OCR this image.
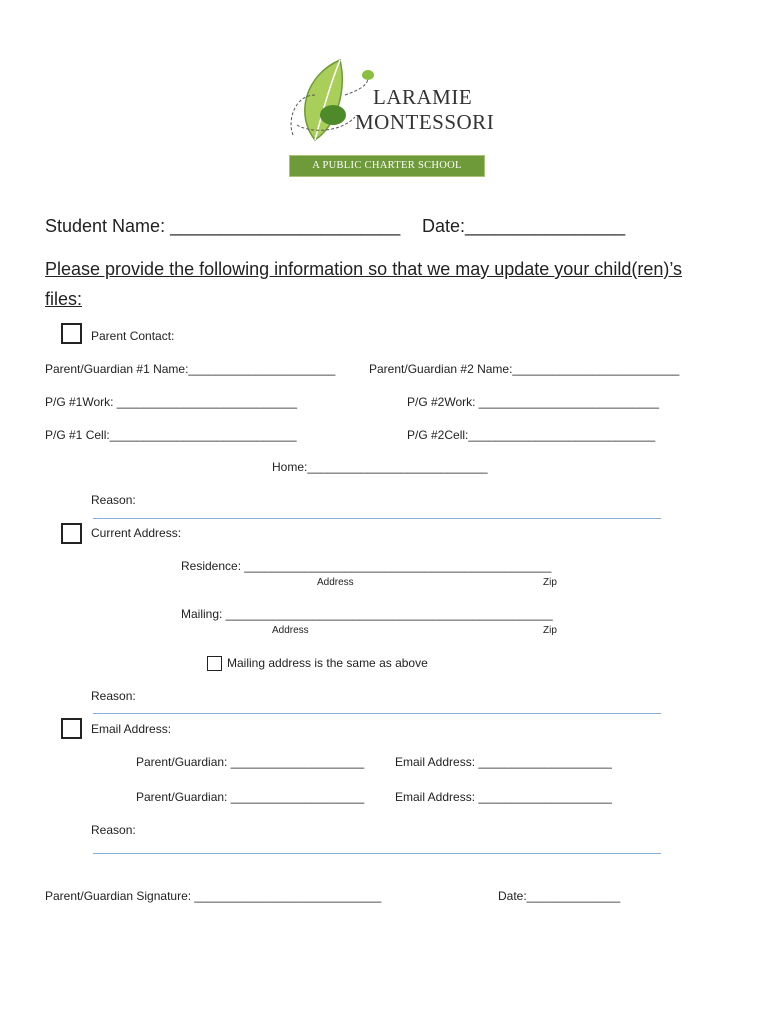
LARAMIE
MONTESSORI
A PUBLIC CHARTER SCHOOL
Student Name: _______________________ Date:________________
Please provide the following information so that we may update your child(ren)’s
files:
Parent Contact:
Parent/Guardian #1 Name:______________________	Parent/Guardian #2 Name:_________________________
P/G #1Work: ___________________________	P/G #2Work: ___________________________
P/G #1 Cell:____________________________	P/G #2Cell:____________________________
Home:___________________________
Reason:
Current Address:
Residence: ______________________________________________
Address	Zip
Mailing: _________________________________________________
Address	Zip
Mailing address is the same as above
Reason:
Email Address:
Parent/Guardian: ____________________	Email Address: ____________________
Parent/Guardian: ____________________	Email Address: ____________________
Reason:
Parent/Guardian Signature: ____________________________	Date:______________
